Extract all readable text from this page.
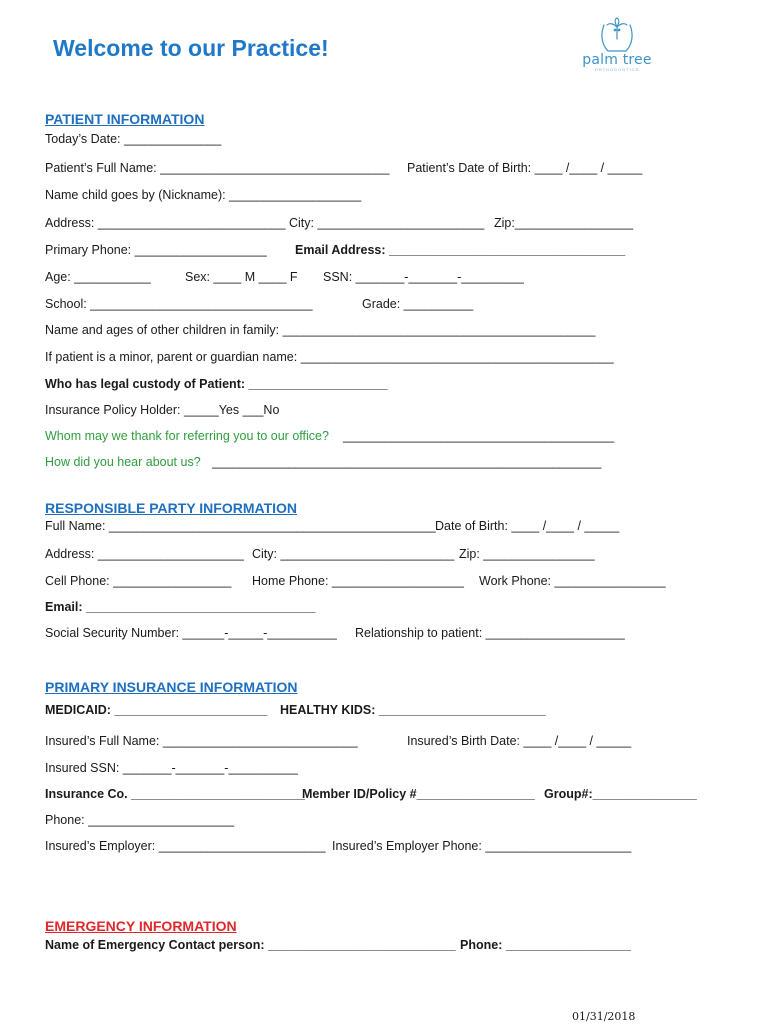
Welcome to our Practice!	palm tree
ORTHODONTICS
PATIENT INFORMATION
Today’s Date: ______________
Patient’s Full Name: _________________________________ Patient’s Date of Birth: ____ /____ / _____
Name child goes by (Nickname): ___________________
Address: ___________________________ City: ________________________ Zip:_________________
Primary Phone: ___________________ Email Address: __________________________________
Age: ___________	Sex: ____ M ____ F SSN: _______-_______-_________
School: ________________________________	Grade: __________
Name and ages of other children in family: _____________________________________________
If patient is a minor, parent or guardian name: _____________________________________________
Who has legal custody of Patient: ____________________
Insurance Policy Holder: _____Yes ___No
Whom may we thank for referring you to our office? _______________________________________
How did you hear about us? ________________________________________________________
RESPONSIBLE PARTY INFORMATION
Full Name: _______________________________________________ Date of Birth: ____ /____ / _____
Address: _____________________ City: _________________________ Zip: ________________
Cell Phone: _________________ Home Phone: ___________________ Work Phone: ________________
Email: _________________________________
Social Security Number: ______-_____-__________ Relationship to patient: ____________________
PRIMARY INSURANCE INFORMATION
MEDICAID: ______________________ HEALTHY KIDS: ________________________
Insured’s Full Name: ____________________________	Insured’s Birth Date: ____ /____ / _____
Insured SSN: _______-_______-__________
Insurance Co. _________________________
Member ID/Policy #_________________ Group#:_______________
Phone: _____________________
Insured’s Employer: ________________________ Insured’s Employer Phone: _____________________
EMERGENCY INFORMATION
Name of Emergency Contact person: ___________________________ Phone: __________________
01/31/2018
